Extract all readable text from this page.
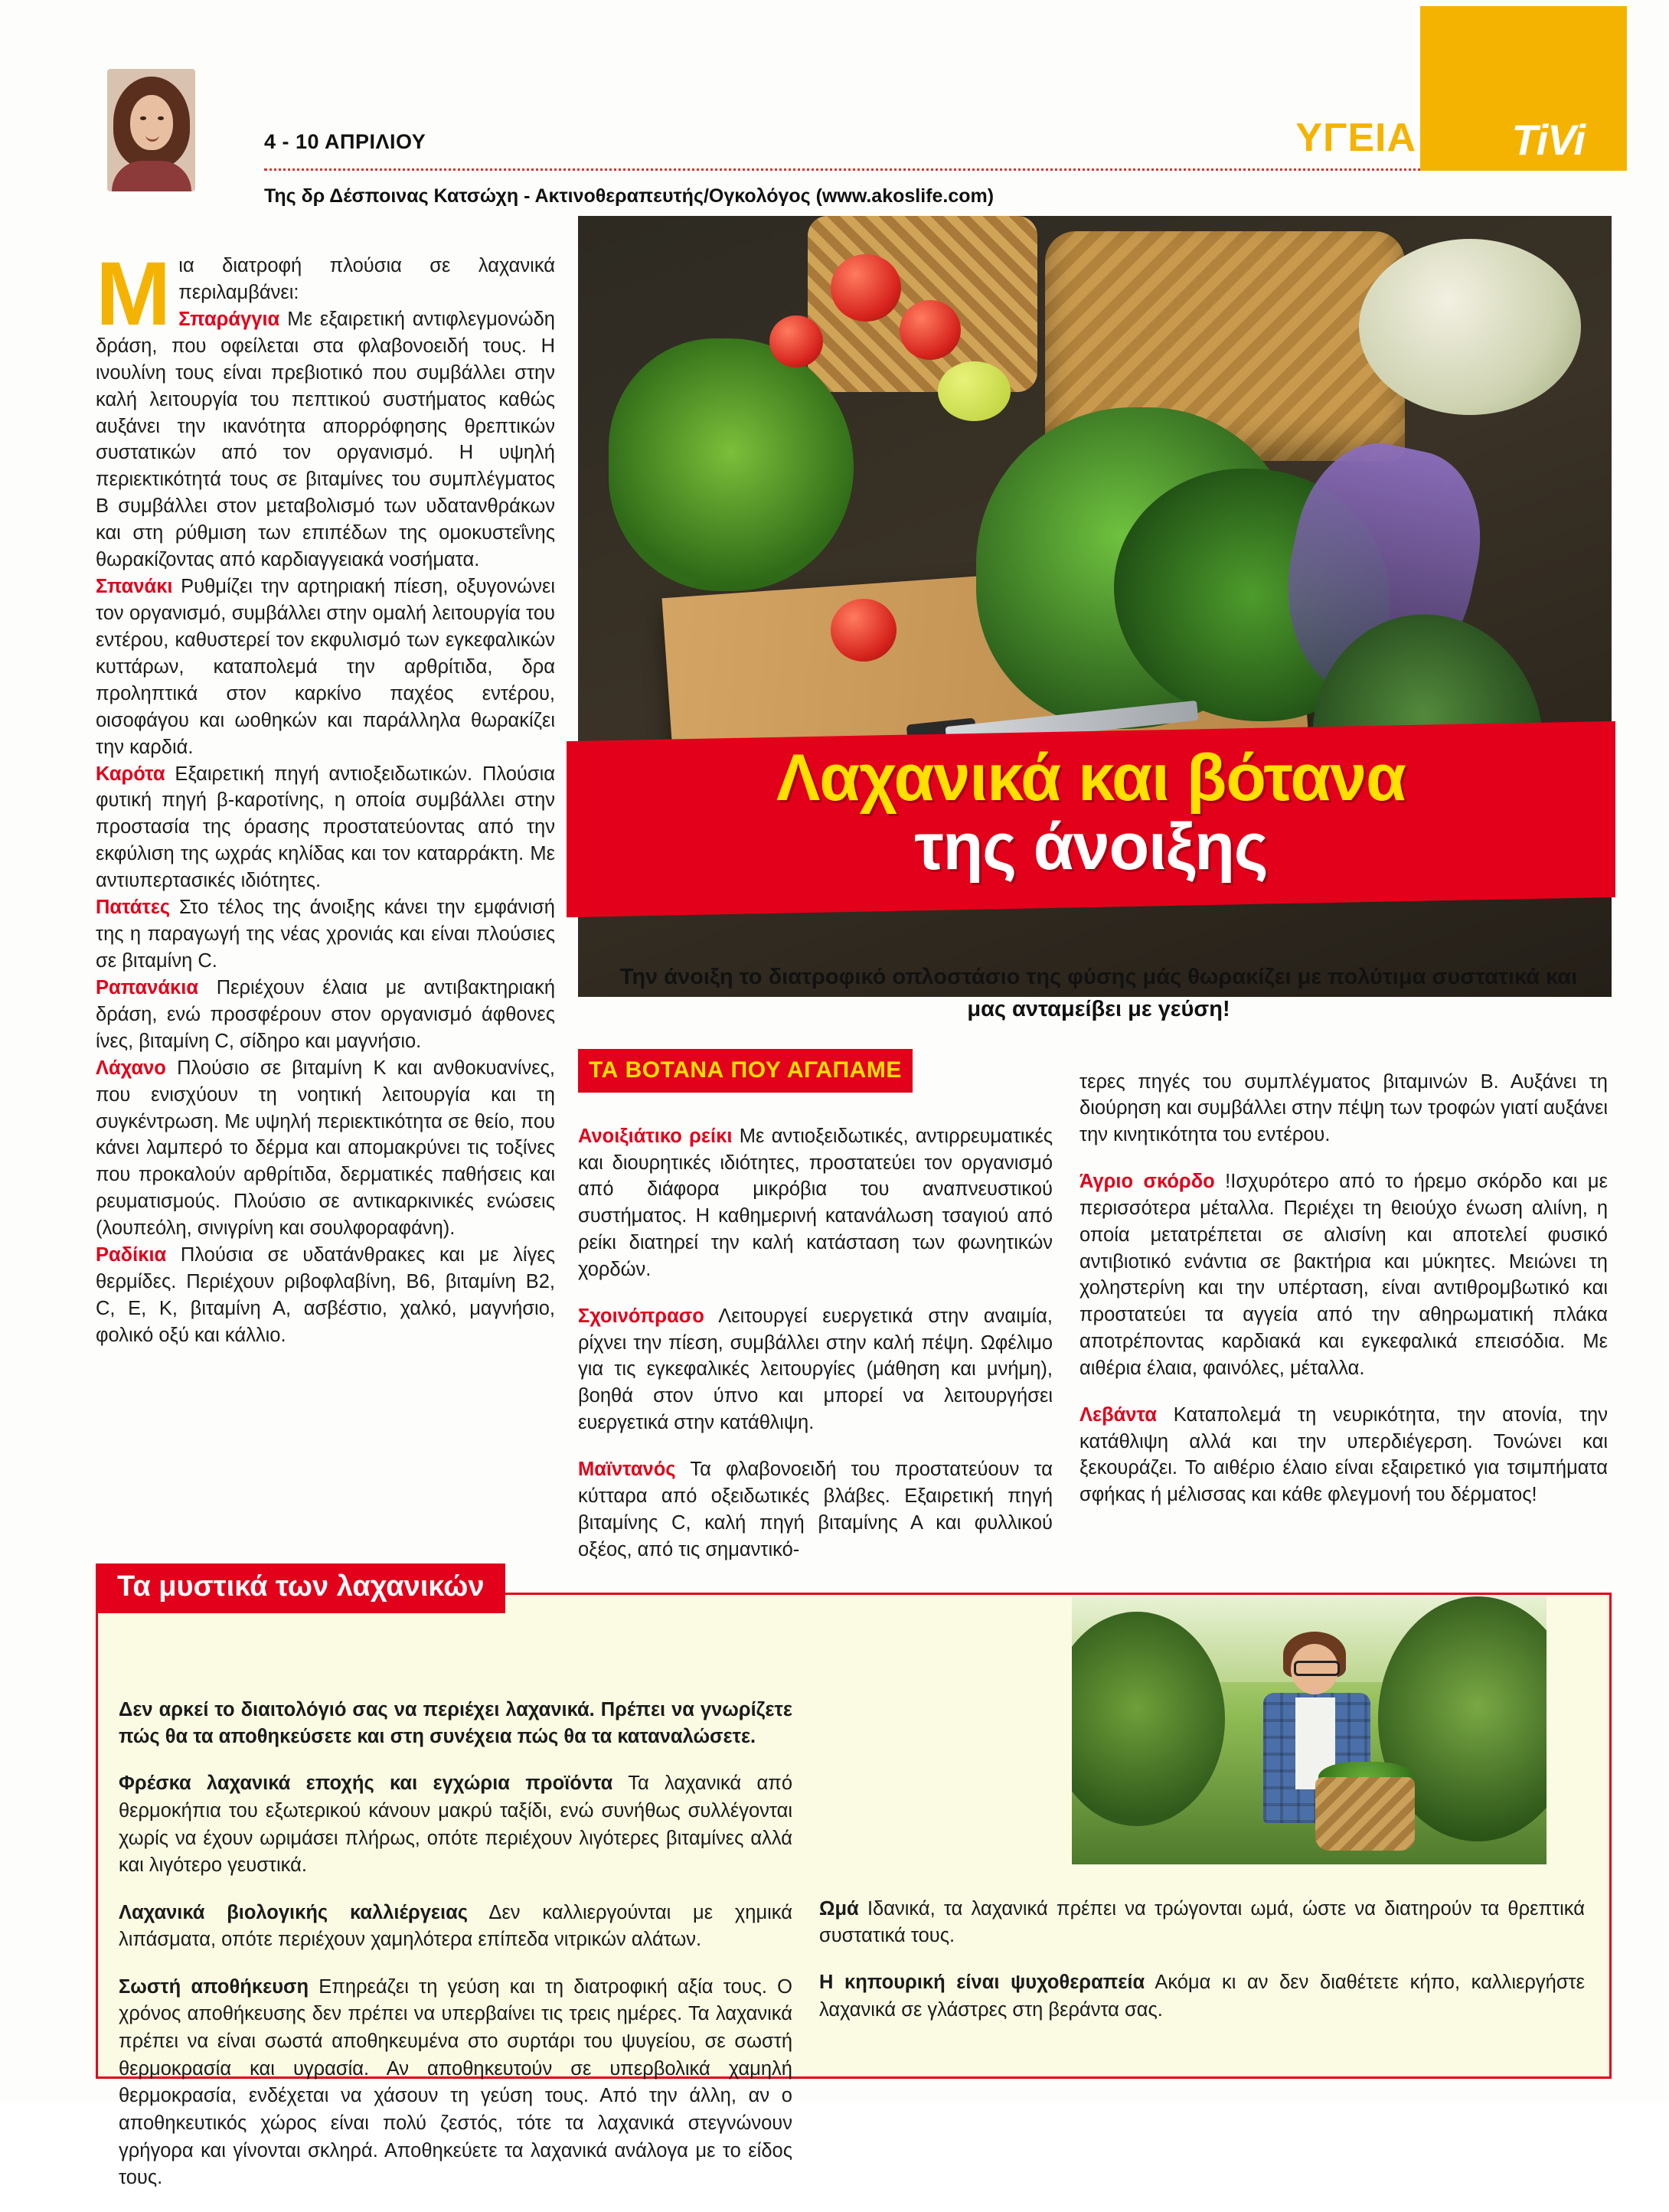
4 - 10 ΑΠΡΙΛΙΟΥ
Της δρ Δέσποινας Κατσώχη - Ακτινοθεραπευτής/Ογκολόγος (www.akoslife.com)
ΥΓΕΙΑ TiVi
Λαχανικά και βότανα
της άνοιξης
Την άνοιξη το διατροφικό οπλοστάσιο της φύσης μάς θωρακίζει με πολύτιμα συστατικά και μας ανταμείβει με γεύση!

Μια διατροφή πλούσια σε λαχανικά περιλαμβάνει:

Σπαράγγια Με εξαιρετική αντιφλεγμονώδη δράση, που οφείλεται στα φλαβονοειδή τους. Η ινουλίνη τους είναι πρεβιοτικό που συμβάλλει στην καλή λειτουργία του πεπτικού συστήματος καθώς αυξάνει την ικανότητα απορρόφησης θρεπτικών συστατικών από τον οργανισμό. Η υψηλή περιεκτικότητά τους σε βιταμίνες του συμπλέγματος Β συμβάλλει στον μεταβολισμό των υδατανθράκων και στη ρύθμιση των επιπέδων της ομοκυστεΐνης θωρακίζοντας από καρδιαγγειακά νοσήματα.

Σπανάκι Ρυθμίζει την αρτηριακή πίεση, οξυγονώνει τον οργανισμό, συμβάλλει στην ομαλή λειτουργία του εντέρου, καθυστερεί τον εκφυλισμό των εγκεφαλικών κυττάρων, καταπολεμά την αρθρίτιδα, δρα προληπτικά στον καρκίνο παχέος εντέρου, οισοφάγου και ωοθηκών και παράλληλα θωρακίζει την καρδιά.

Καρότα Εξαιρετική πηγή αντιοξειδωτικών. Πλούσια φυτική πηγή β-καροτίνης, η οποία συμβάλλει στην προστασία της όρασης προστατεύοντας από την εκφύλιση της ωχράς κηλίδας και τον καταρράκτη. Με αντιυπερτασικές ιδιότητες.

Πατάτες Στο τέλος της άνοιξης κάνει την εμφάνισή της η παραγωγή της νέας χρονιάς και είναι πλούσιες σε βιταμίνη C.

Ραπανάκια Περιέχουν έλαια με αντιβακτηριακή δράση, ενώ προσφέρουν στον οργανισμό άφθονες ίνες, βιταμίνη C, σίδηρο και μαγνήσιο.

Λάχανο Πλούσιο σε βιταμίνη Κ και ανθοκυανίνες, που ενισχύουν τη νοητική λειτουργία και τη συγκέντρωση. Με υψηλή περιεκτικότητα σε θείο, που κάνει λαμπερό το δέρμα και απομακρύνει τις τοξίνες που προκαλούν αρθρίτιδα, δερματικές παθήσεις και ρευματισμούς. Πλούσιο σε αντικαρκινικές ενώσεις (λουπεόλη, σινιγρίνη και σουλφοραφάνη).

Ραδίκια Πλούσια σε υδατάνθρακες και με λίγες θερμίδες. Περιέχουν ριβοφλαβίνη, Β6, βιταμίνη Β2, C, Ε, Κ, βιταμίνη Α, ασβέστιο, χαλκό, μαγνήσιο, φολικό οξύ και κάλλιο.

ΤΑ ΒΟΤΑΝΑ ΠΟΥ ΑΓΑΠΑΜΕ

Ανοιξιάτικο ρείκι Με αντιοξειδωτικές, αντιρρευματικές και διουρητικές ιδιότητες, προστατεύει τον οργανισμό από διάφορα μικρόβια του αναπνευστικού συστήματος. Η καθημερινή κατανάλωση τσαγιού από ρείκι διατηρεί την καλή κατάσταση των φωνητικών χορδών.

Σχοινόπρασο Λειτουργεί ευεργετικά στην αναιμία, ρίχνει την πίεση, συμβάλλει στην καλή πέψη. Ωφέλιμο για τις εγκεφαλικές λειτουργίες (μάθηση και μνήμη), βοηθά στον ύπνο και μπορεί να λειτουργήσει ευεργετικά στην κατάθλιψη.

Μαϊντανός Τα φλαβονοειδή του προστατεύουν τα κύτταρα από οξειδωτικές βλάβες. Εξαιρετική πηγή βιταμίνης C, καλή πηγή βιταμίνης Α και φυλλικού οξέος, από τις σημαντικό-

τερες πηγές του συμπλέγματος βιταμινών Β. Αυξάνει τη διούρηση και συμβάλλει στην πέψη των τροφών γιατί αυξάνει την κινητικότητα του εντέρου.

Άγριο σκόρδο !Ισχυρότερο από το ήρεμο σκόρδο και με περισσότερα μέταλλα. Περιέχει τη θειούχο ένωση αλιίνη, η οποία μετατρέπεται σε αλισίνη και αποτελεί φυσικό αντιβιοτικό ενάντια σε βακτήρια και μύκητες. Μειώνει τη χοληστερίνη και την υπέρταση, είναι αντιθρομβωτικό και προστατεύει τα αγγεία από την αθηρωματική πλάκα αποτρέποντας καρδιακά και εγκεφαλικά επεισόδια. Με αιθέρια έλαια, φαινόλες, μέταλλα.

Λεβάντα Καταπολεμά τη νευρικότητα, την ατονία, την κατάθλιψη αλλά και την υπερδιέγερση. Τονώνει και ξεκουράζει. Το αιθέριο έλαιο είναι εξαιρετικό για τσιμπήματα σφήκας ή μέλισσας και κάθε φλεγμονή του δέρματος!

Τα μυστικά των λαχανικών

Δεν αρκεί το διαιτολόγιό σας να περιέχει λαχανικά. Πρέπει να γνωρίζετε πώς θα τα αποθηκεύσετε και στη συνέχεια πώς θα τα καταναλώσετε.

Φρέσκα λαχανικά εποχής και εγχώρια προϊόντα Τα λαχανικά από θερμοκήπια του εξωτερικού κάνουν μακρύ ταξίδι, ενώ συνήθως συλλέγονται χωρίς να έχουν ωριμάσει πλήρως, οπότε περιέχουν λιγότερες βιταμίνες αλλά και λιγότερο γευστικά.

Λαχανικά βιολογικής καλλιέργειας Δεν καλλιεργούνται με χημικά λιπάσματα, οπότε περιέχουν χαμηλότερα επίπεδα νιτρικών αλάτων.

Σωστή αποθήκευση Επηρεάζει τη γεύση και τη διατροφική αξία τους. Ο χρόνος αποθήκευσης δεν πρέπει να υπερβαίνει τις τρεις ημέρες. Τα λαχανικά πρέπει να είναι σωστά αποθηκευμένα στο συρτάρι του ψυγείου, σε σωστή θερμοκρασία και υγρασία. Αν αποθηκευτούν σε υπερβολικά χαμηλή θερμοκρασία, ενδέχεται να χάσουν τη γεύση τους. Από την άλλη, αν ο αποθηκευτικός χώρος είναι πολύ ζεστός, τότε τα λαχανικά στεγνώνουν γρήγορα και γίνονται σκληρά. Αποθηκεύετε τα λαχανικά ανάλογα με το είδος τους.

Ωμά Ιδανικά, τα λαχανικά πρέπει να τρώγονται ωμά, ώστε να διατηρούν τα θρεπτικά συστατικά τους.

Η κηπουρική είναι ψυχοθεραπεία Ακόμα κι αν δεν διαθέτετε κήπο, καλλιεργήστε λαχανικά σε γλάστρες στη βεράντα σας.
